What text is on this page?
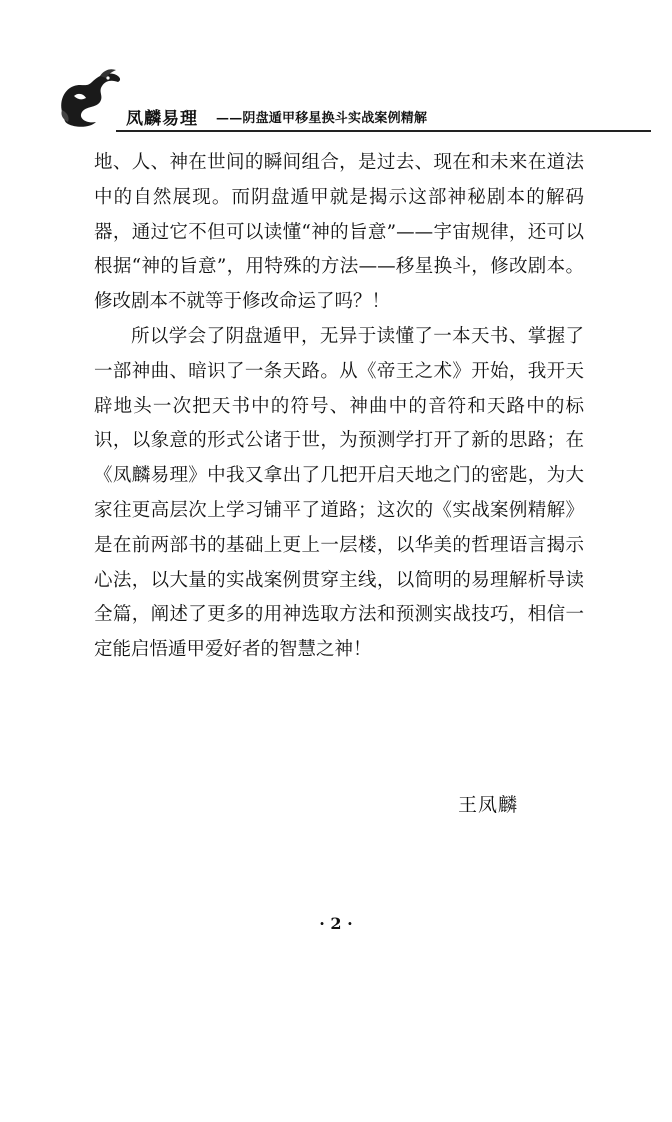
凤麟易理 ——阴盘遁甲移星换斗实战案例精解

地、人、神在世间的瞬间组合，是过去、现在和未来在道法中的自然展现。而阴盘遁甲就是揭示这部神秘剧本的解码器，通过它不但可以读懂“神的旨意”——宇宙规律，还可以根据“神的旨意”，用特殊的方法——移星换斗，修改剧本。修改剧本不就等于修改命运了吗？！

所以学会了阴盘遁甲，无异于读懂了一本天书、掌握了一部神曲、暗识了一条天路。从《帝王之术》开始，我开天辟地头一次把天书中的符号、神曲中的音符和天路中的标识，以象意的形式公诸于世，为预测学打开了新的思路；在《凤麟易理》中我又拿出了几把开启天地之门的密匙，为大家往更高层次上学习铺平了道路；这次的《实战案例精解》是在前两部书的基础上更上一层楼，以华美的哲理语言揭示心法，以大量的实战案例贯穿主线，以简明的易理解析导读全篇，阐述了更多的用神选取方法和预测实战技巧，相信一定能启悟遁甲爱好者的智慧之神！

王凤麟
· 2 ·
